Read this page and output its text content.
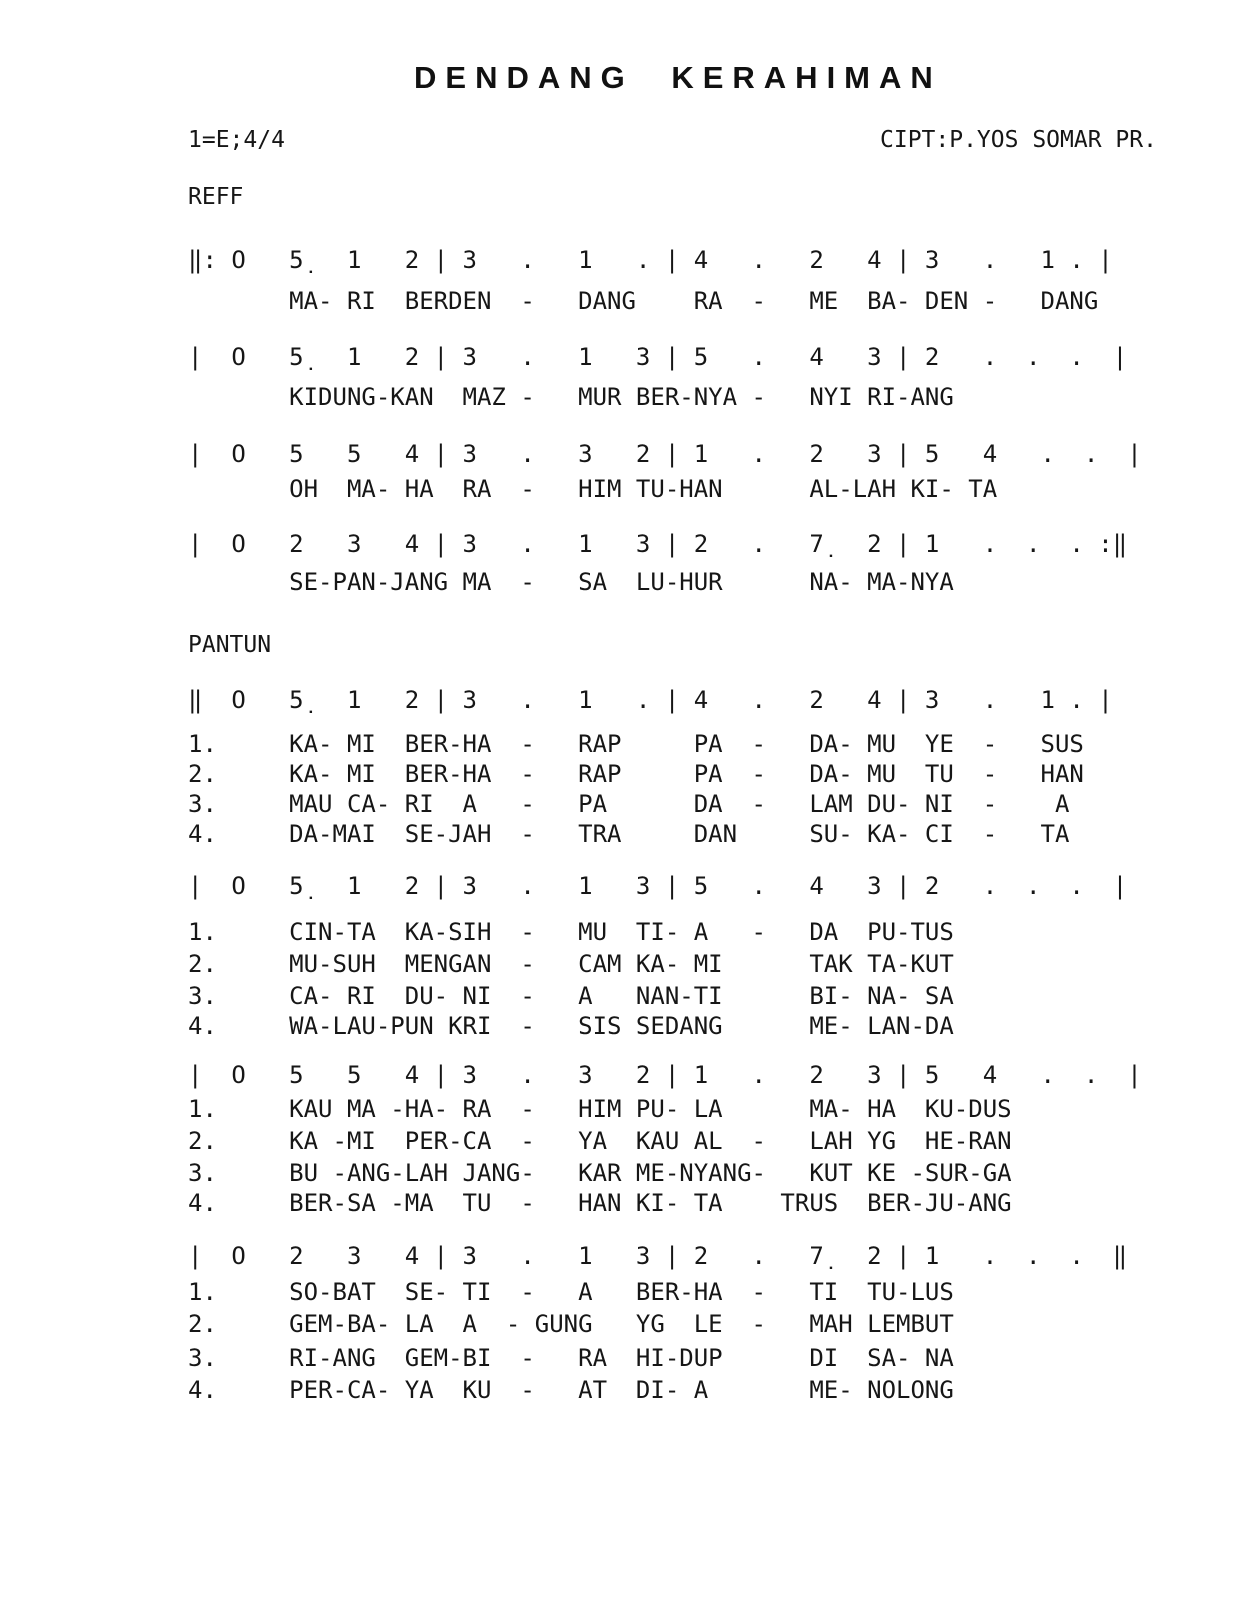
DENDANG KERAHIMAN

1=E;4/4	CIPT:P.YOS SOMAR PR.

REFF

‖: O   5̣   1   2 | 3   .   1   . | 4   .   2   4 | 3   .   1 . |

MA- RI  BERDEN  -   DANG    RA  -   ME  BA- DEN -   DANG

|  O   5̣   1   2 | 3   .   1   3 | 5   .   4   3 | 2   .  .  .  |

KIDUNG-KAN  MAZ -   MUR BER-NYA -   NYI RI-ANG

|  O   5   5   4 | 3   .   3   2 | 1   .   2   3 | 5   4   .  .  |

OH  MA- HA  RA  -   HIM TU-HAN      AL-LAH KI- TA

|  O   2   3   4 | 3   .   1   3 | 2   .   7̣   2 | 1   .  .  . :‖

SE-PAN-JANG MA  -   SA  LU-HUR      NA- MA-NYA

PANTUN

‖  O   5̣   1   2 | 3   .   1   . | 4   .   2   4 | 3   .   1 . |

1.     KA- MI  BER-HA  -   RAP     PA  -   DA- MU  YE  -   SUS

2.     KA- MI  BER-HA  -   RAP     PA  -   DA- MU  TU  -   HAN

3.     MAU CA- RI  A   -   PA      DA  -   LAM DU- NI  -    A

4.     DA-MAI  SE-JAH  -   TRA     DAN     SU- KA- CI  -   TA

|  O   5̣   1   2 | 3   .   1   3 | 5   .   4   3 | 2   .  .  .  |

1.     CIN-TA  KA-SIH  -   MU  TI- A   -   DA  PU-TUS

2.     MU-SUH  MENGAN  -   CAM KA- MI      TAK TA-KUT

3.     CA- RI  DU- NI  -   A   NAN-TI      BI- NA- SA

4.     WA-LAU-PUN KRI  -   SIS SEDANG      ME- LAN-DA

|  O   5   5   4 | 3   .   3   2 | 1   .   2   3 | 5   4   .  .  |

1.     KAU MA -HA- RA  -   HIM PU- LA      MA- HA  KU-DUS

2.     KA -MI  PER-CA  -   YA  KAU AL  -   LAH YG  HE-RAN

3.     BU -ANG-LAH JANG-   KAR ME-NYANG-   KUT KE -SUR-GA

4.     BER-SA -MA  TU  -   HAN KI- TA    TRUS  BER-JU-ANG

|  O   2   3   4 | 3   .   1   3 | 2   .   7̣   2 | 1   .  .  .  ‖

1.     SO-BAT  SE- TI  -   A   BER-HA  -   TI  TU-LUS

2.     GEM-BA- LA  A  - GUNG   YG  LE  -   MAH LEMBUT

3.     RI-ANG  GEM-BI  -   RA  HI-DUP      DI  SA- NA

4.     PER-CA- YA  KU  -   AT  DI- A       ME- NOLONG
